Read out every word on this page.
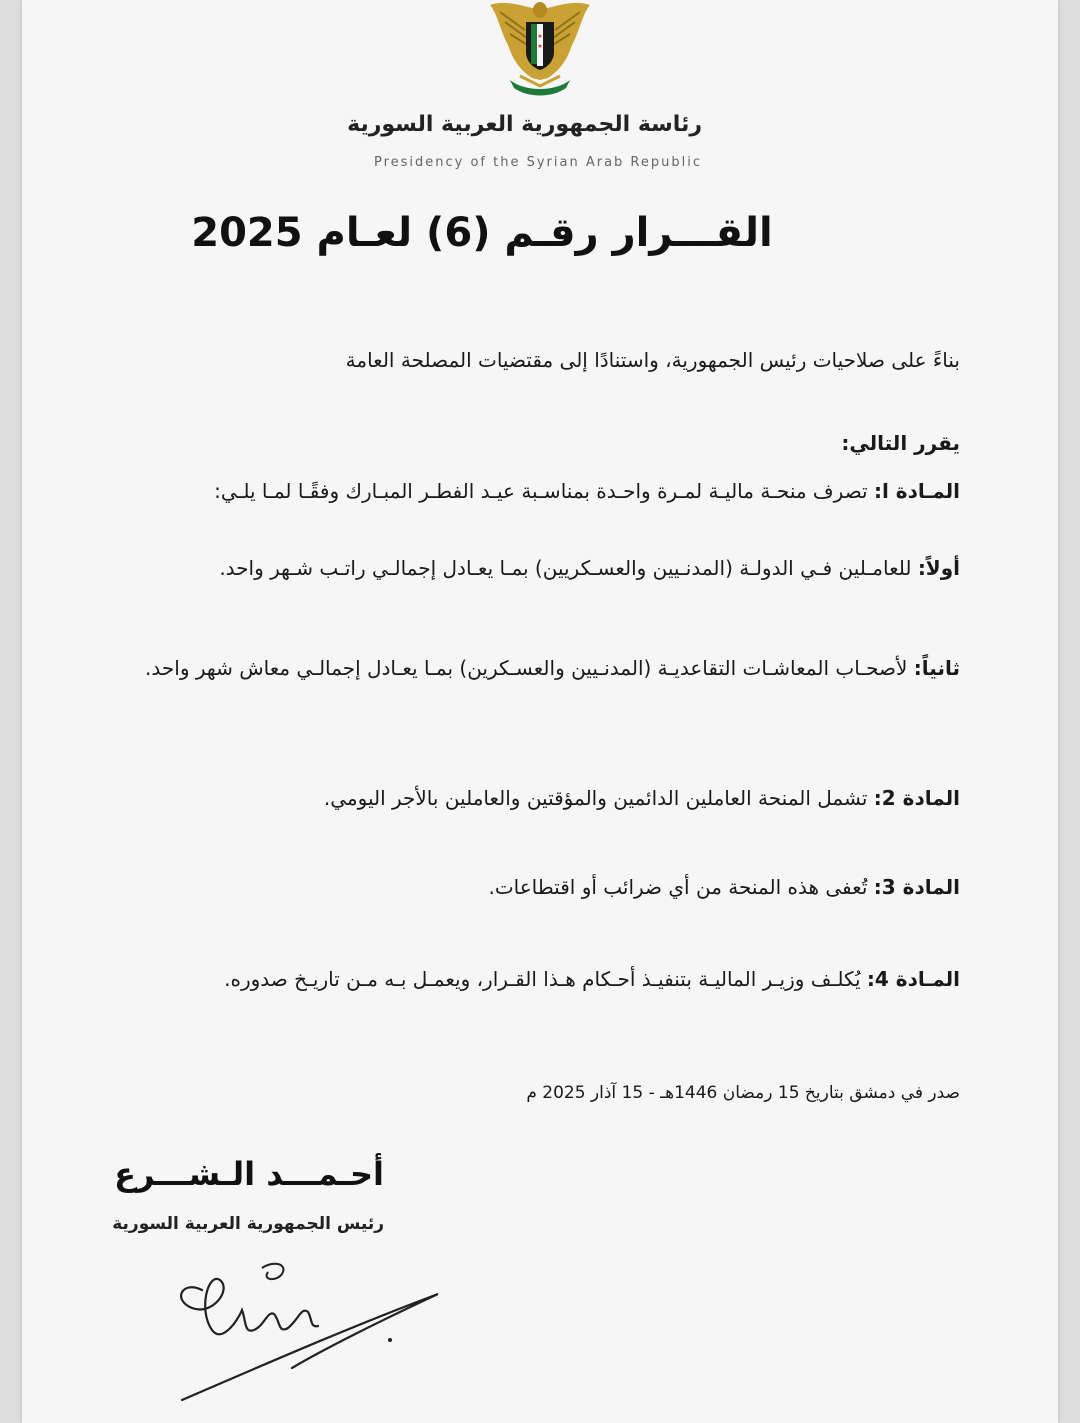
★
★
رئاسة الجمهورية العربية السورية
Presidency of the Syrian Arab Republic
القـــرار رقـم (6) لعـام 2025
بناءً على صلاحيات رئيس الجمهورية، واستنادًا إلى مقتضيات المصلحة العامة
يقرر التالي:
المـادة ا: تصرف منحـة ماليـة لمـرة واحـدة بمناسـبة عيـد الفطـر المبـارك وفقًـا لمـا يلـي:
أولاً: للعامـلين فـي الدولـة (المدنـيين والعسـكريين) بمـا يعـادل إجمالـي راتـب شـهر واحد.
ثانياً: لأصحـاب المعاشـات التقاعديـة (المدنـيين والعسـكرين) بمـا يعـادل إجمالـي معاش شهر واحد.
المادة 2: تشمل المنحة العاملين الدائمين والمؤقتين والعاملين بالأجر اليومي.
المادة 3: تُعفى هذه المنحة من أي ضرائب أو اقتطاعات.
المـادة 4: يُكلـف وزيـر الماليـة بتنفيـذ أحـكام هـذا القـرار، ويعمـل بـه مـن تاريـخ صدوره.
صدر في دمشق بتاريخ 15 رمضان 1446هـ - 15 آذار 2025 م
أحـمـــد الـشـــرع
رئيس الجمهورية العربية السورية
